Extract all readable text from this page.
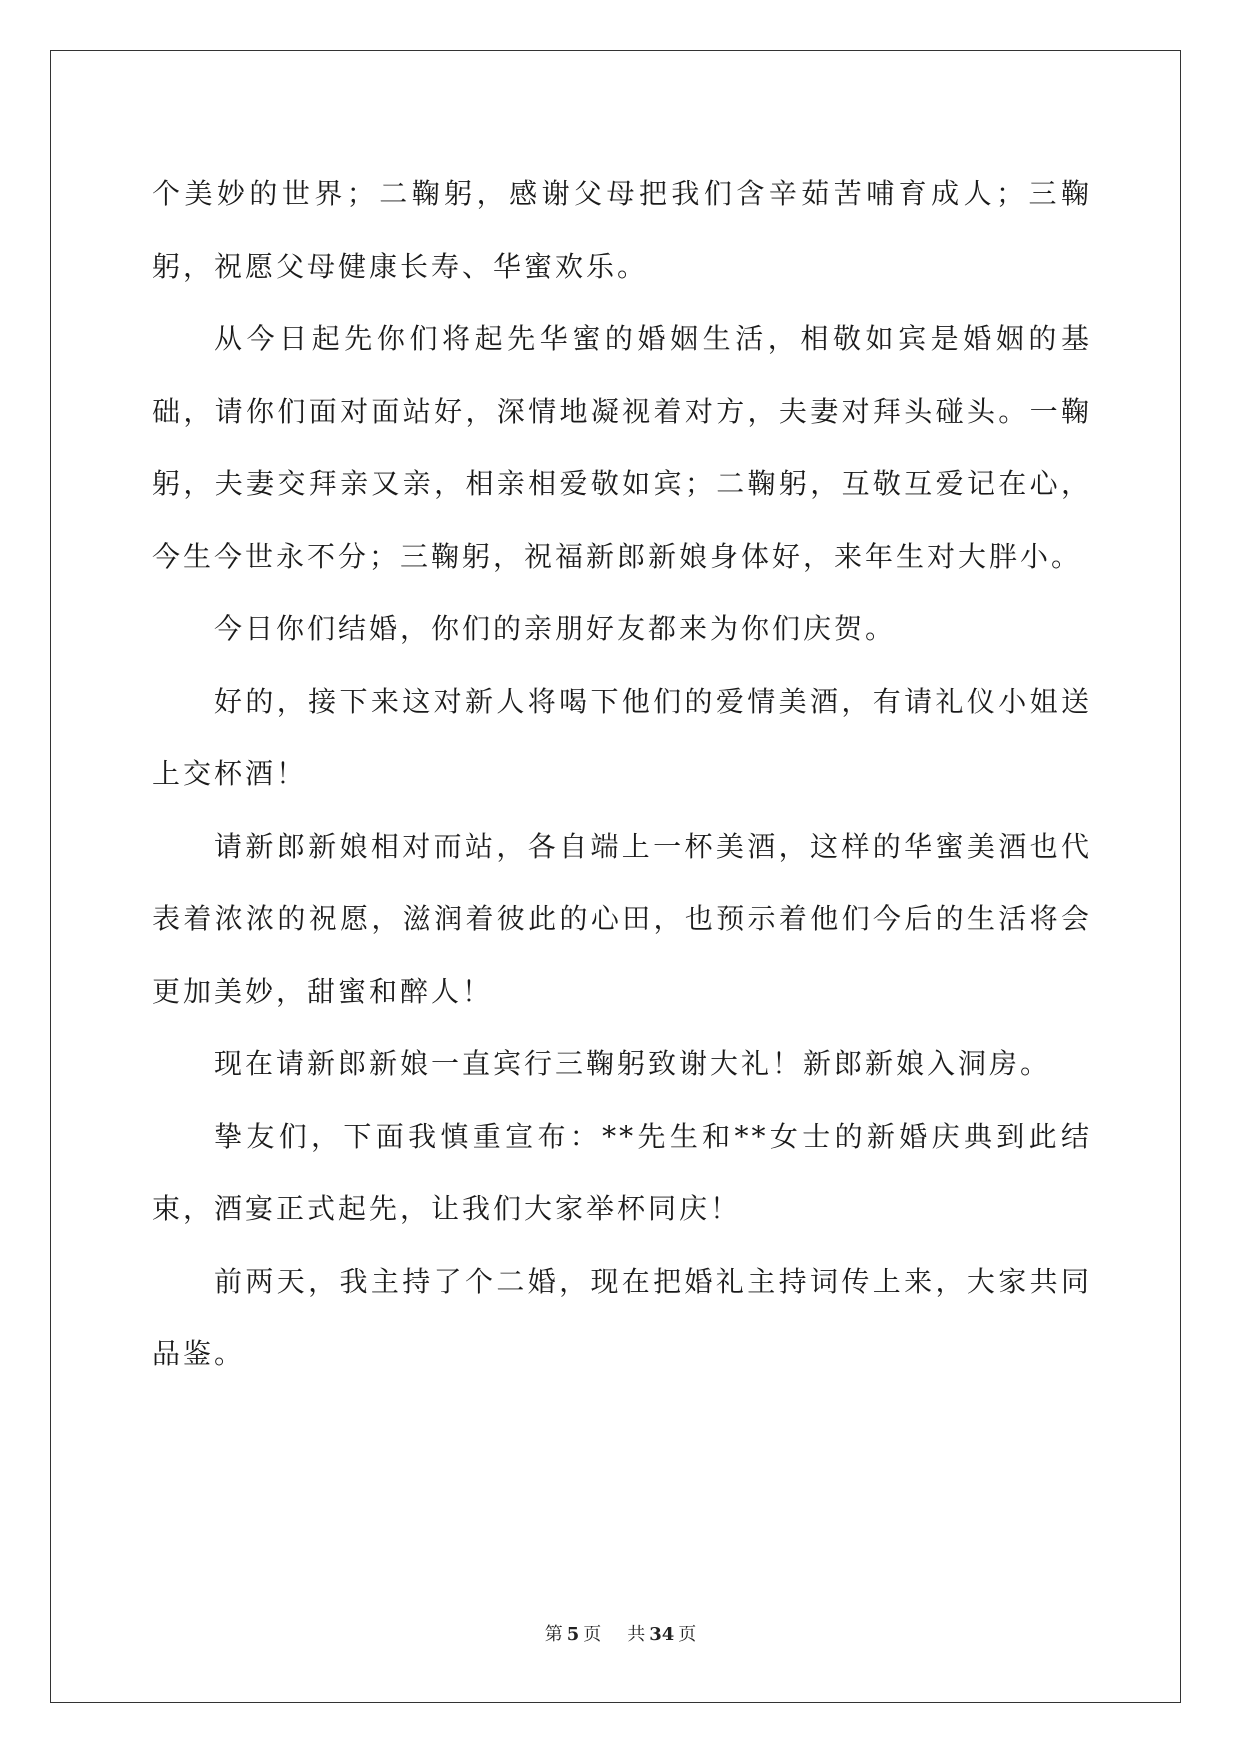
个美妙的世界；二鞠躬，感谢父母把我们含辛茹苦哺育成人；三鞠躬，祝愿父母健康长寿、华蜜欢乐。

从今日起先你们将起先华蜜的婚姻生活，相敬如宾是婚姻的基础，请你们面对面站好，深情地凝视着对方，夫妻对拜头碰头。一鞠躬，夫妻交拜亲又亲，相亲相爱敬如宾；二鞠躬，互敬互爱记在心，今生今世永不分；三鞠躬，祝福新郎新娘身体好，来年生对大胖小。

今日你们结婚，你们的亲朋好友都来为你们庆贺。

好的，接下来这对新人将喝下他们的爱情美酒，有请礼仪小姐送上交杯酒！

请新郎新娘相对而站，各自端上一杯美酒，这样的华蜜美酒也代表着浓浓的祝愿，滋润着彼此的心田，也预示着他们今后的生活将会更加美妙，甜蜜和醉人！

现在请新郎新娘一直宾行三鞠躬致谢大礼！新郎新娘入洞房。

挚友们，下面我慎重宣布：**先生和**女士的新婚庆典到此结束，酒宴正式起先，让我们大家举杯同庆！

前两天，我主持了个二婚，现在把婚礼主持词传上来，大家共同品鉴。

第 5 页 共 34 页
